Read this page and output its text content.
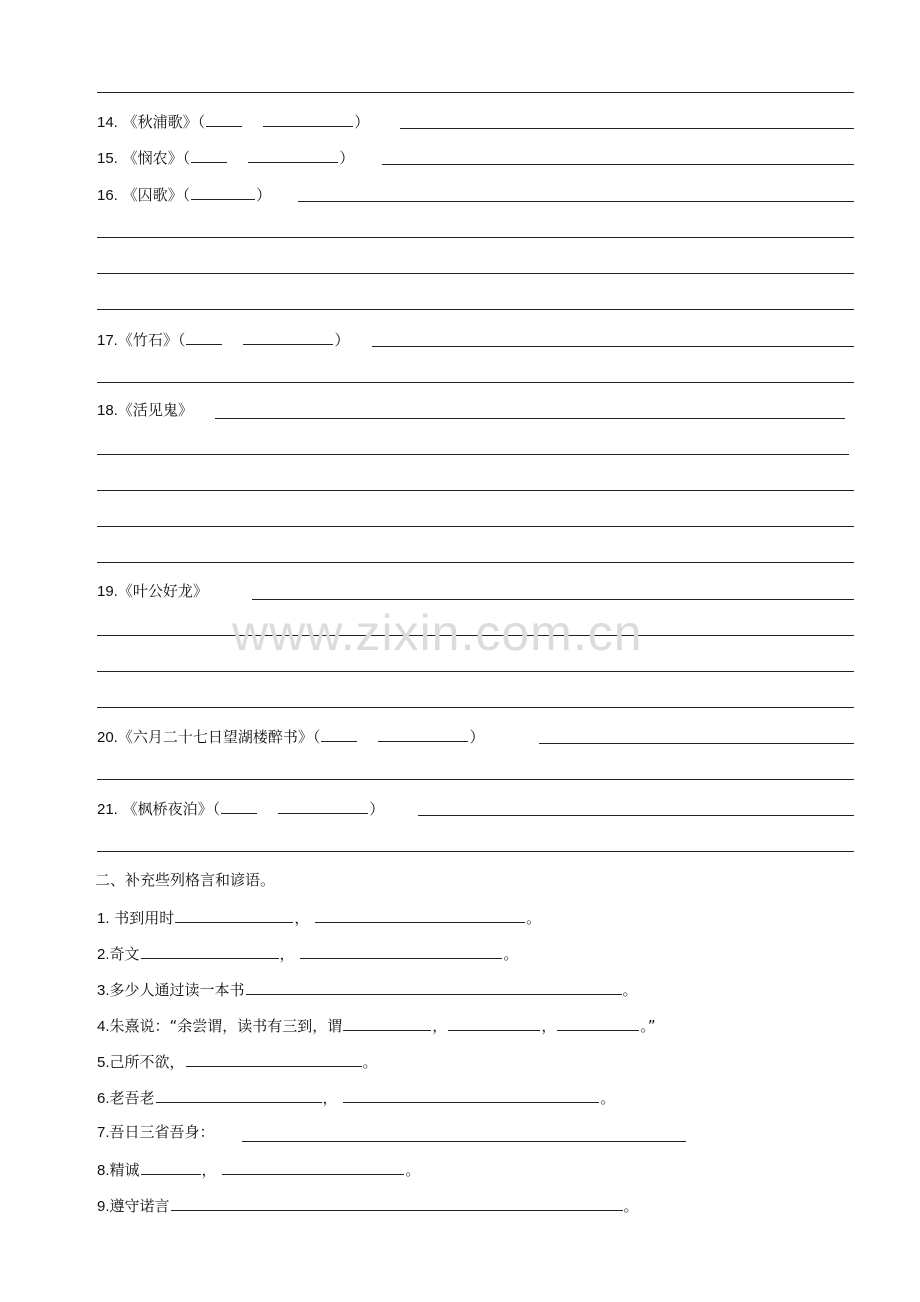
14. 《秋浦歌》（	）
15. 《悯农》（	）
16. 《囚歌》（	）
17.《竹石》（	）
18.《活见鬼》
19.《叶公好龙》
20.《六月二十七日望湖楼醉书》（	）
21. 《枫桥夜泊》（	）
www.zixin.com.cn
二、补充些列格言和谚语。
1. 书到用时	，	。
2.奇文	，	。
3.多少人通过读一本书	。
4.朱熹说：“余尝谓，读书有三到，谓	，	，	。”
5.己所不欲，	。
6.老吾老	，	。
7.吾日三省吾身：
8.精诚	，	。
9.遵守诺言	。
